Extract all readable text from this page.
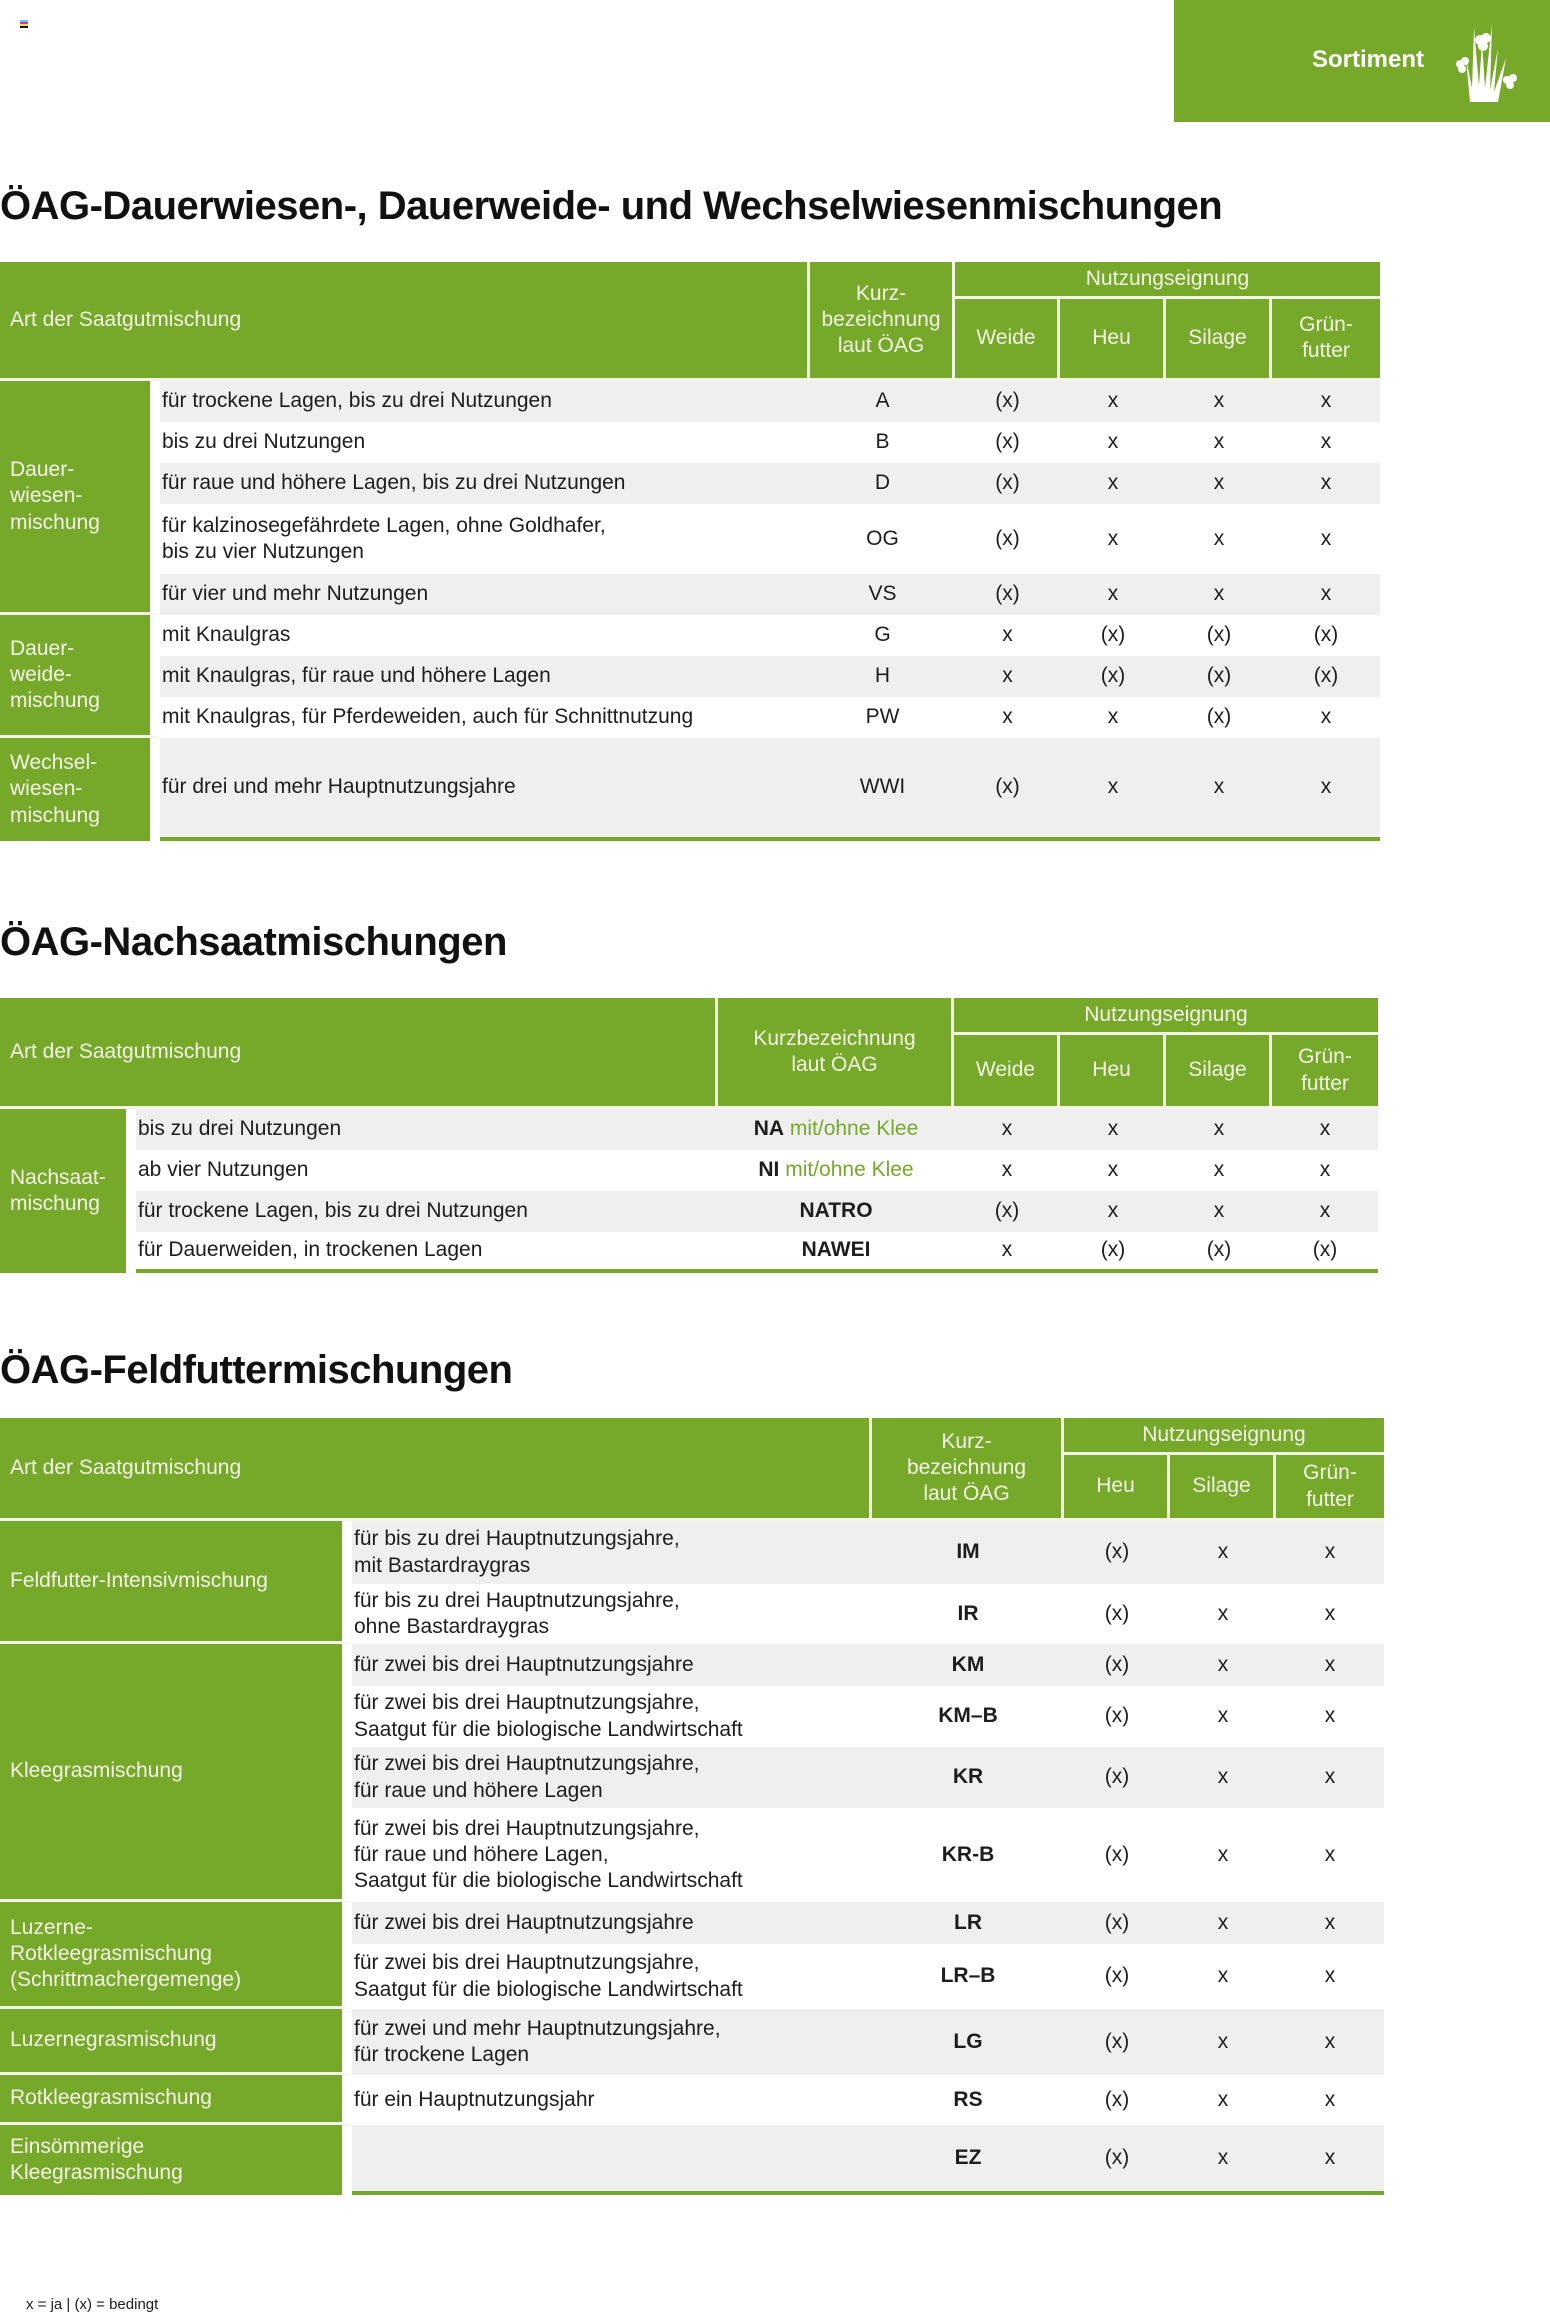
Sortiment
ÖAG-Dauerwiesen-, Dauerweide- und Wechselwiesenmischungen
Art der Saatgutmischung		Kurz-
bezeichnung
laut ÖAG	Nutzungseignung			
			Weide	Heu	Silage	Grün-
futter
Dauer-
wiesen-
mischung	für trockene Lagen, bis zu drei Nutzungen	A	(x)	x	x	x
	bis zu drei Nutzungen	B	(x)	x	x	x
	für raue und höhere Lagen, bis zu drei Nutzungen	D	(x)	x	x	x
	für kalzinosegefährdete Lagen, ohne Goldhafer,
bis zu vier Nutzungen	OG	(x)	x	x	x
	für vier und mehr Nutzungen	VS	(x)	x	x	x
Dauer-
weide-
mischung	mit Knaulgras	G	x	(x)	(x)	(x)
	mit Knaulgras, für raue und höhere Lagen	H	x	(x)	(x)	(x)
	mit Knaulgras, für Pferdeweiden, auch für Schnittnutzung	PW	x	x	(x)	x
Wechsel-
wiesen-
mischung	für drei und mehr Hauptnutzungsjahre	WWI	(x)	x	x	x
ÖAG-Nachsaatmischungen
Art der Saatgutmischung		Kurzbezeichnung
laut ÖAG	Nutzungseignung			
			Weide	Heu	Silage	Grün-
futter
Nachsaat-
mischung	bis zu drei Nutzungen	NA mit/ohne Klee	x	x	x	x
	ab vier Nutzungen	NI mit/ohne Klee	x	x	x	x
	für trockene Lagen, bis zu drei Nutzungen	NATRO	(x)	x	x	x
	für Dauerweiden, in trockenen Lagen	NAWEI	x	(x)	(x)	(x)
ÖAG-Feldfuttermischungen
Art der Saatgutmischung		Kurz-
bezeichnung
laut ÖAG	Nutzungseignung		
			Heu	Silage	Grün-
futter
Feldfutter-Intensivmischung	für bis zu drei Hauptnutzungsjahre,
mit Bastardraygras	IM	(x)	x	x
	für bis zu drei Hauptnutzungsjahre,
ohne Bastardraygras	IR	(x)	x	x
Kleegrasmischung	für zwei bis drei Hauptnutzungsjahre	KM	(x)	x	x
	für zwei bis drei Hauptnutzungsjahre,
Saatgut für die biologische Landwirtschaft	KM–B	(x)	x	x
	für zwei bis drei Hauptnutzungsjahre,
für raue und höhere Lagen	KR	(x)	x	x
	für zwei bis drei Hauptnutzungsjahre,
für raue und höhere Lagen,
Saatgut für die biologische Landwirtschaft	KR-B	(x)	x	x
Luzerne-
Rotkleegrasmischung
(Schrittmachergemenge)	für zwei bis drei Hauptnutzungsjahre	LR	(x)	x	x
	für zwei bis drei Hauptnutzungsjahre,
Saatgut für die biologische Landwirtschaft	LR–B	(x)	x	x
Luzernegrasmischung	für zwei und mehr Hauptnutzungsjahre,
für trockene Lagen	LG	(x)	x	x
Rotkleegrasmischung	für ein Hauptnutzungsjahr	RS	(x)	x	x
Einsömmerige
Kleegrasmischung		EZ	(x)	x	x
x = ja | (x) = bedingt
